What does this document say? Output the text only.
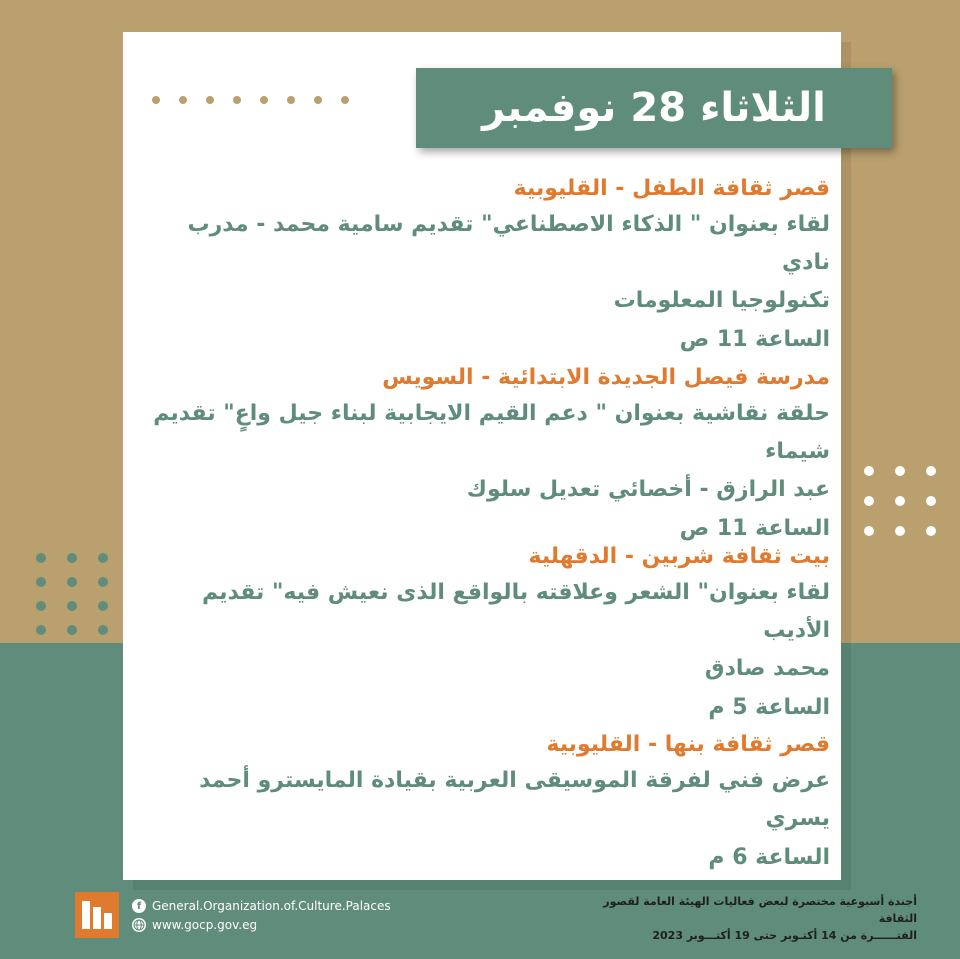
الثلاثاء 28 نوفمبر
قصر ثقافة الطفل - القليوبية
لقاء بعنوان " الذكاء الاصطناعي" تقديم سامية محمد - مدرب نادي
تكنولوجيا المعلومات
الساعة 11 ص
مدرسة فيصل الجديدة الابتدائية - السويس
حلقة نقاشية بعنوان " دعم القيم الايجابية لبناء جيل واعٍ" تقديم شيماء
عبد الرازق - أخصائي تعديل سلوك
الساعة 11 ص
بيت ثقافة شربين - الدقهلية
لقاء بعنوان" الشعر وعلاقته بالواقع الذى نعيش فيه" تقديم الأديب
محمد صادق
الساعة 5 م
قصر ثقافة بنها - القليوبية
عرض فني لفرقة الموسيقى العربية بقيادة المايسترو أحمد يسري
الساعة 6 م
f General.Organization.of.Culture.Palaces
www.gocp.gov.eg
أجندة أسبوعية مختصرة لبعض فعاليات الهيئة العامة لقصور الثقافة
الفتــــــرة من 14 أكتـوبر حتى 19 أكتـــوبر 2023
